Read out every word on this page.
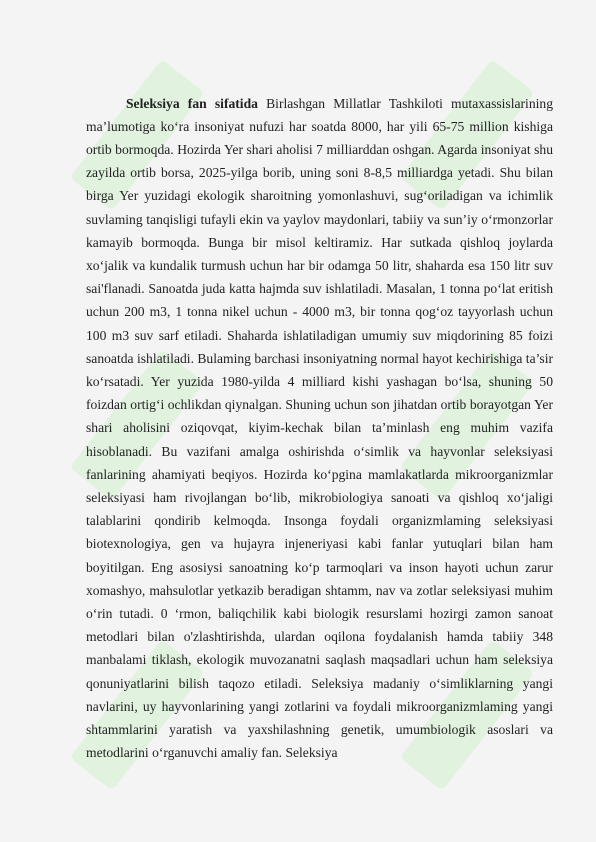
Seleksiya fan sifatida Birlashgan Millatlar Tashkiloti mutaxassislarining ma’lumotiga ko‘ra insoniyat nufuzi har soatda 8000, har yili 65-75 million kishiga ortib bormoqda. Hozirda Yer shari aholisi 7 milliarddan oshgan. Agarda insoniyat shu zayilda ortib borsa, 2025-yilga borib, uning soni 8-8,5 milliardga yetadi. Shu bilan birga Yer yuzidagi ekologik sharoitning yomonlashuvi, sug‘oriladigan va ichimlik suvlaming tanqisligi tufayli ekin va yaylov maydonlari, tabiiy va sun’iy o‘rmonzorlar kamayib bormoqda. Bunga bir misol keltiramiz. Har sutkada qishloq joylarda xo‘jalik va kundalik turmush uchun har bir odamga 50 litr, shaharda esa 150 litr suv sai'flanadi. Sanoatda juda katta hajmda suv ishlatiladi. Masalan, 1 tonna po‘lat eritish uchun 200 m3, 1 tonna nikel uchun - 4000 m3, bir tonna qog‘oz tayyorlash uchun 100 m3 suv sarf etiladi. Shaharda ishlatiladigan umumiy suv miqdorining 85 foizi sanoatda ishlatiladi. Bulaming barchasi insoniyatning normal hayot kechirishiga ta’sir ko‘rsatadi. Yer yuzida 1980-yilda 4 milliard kishi yashagan bo‘lsa, shuning 50 foizdan ortig‘i ochlikdan qiynalgan. Shuning uchun son jihatdan ortib borayotgan Yer shari aholisini oziqovqat, kiyim-kechak bilan ta’minlash eng muhim vazifa hisoblanadi. Bu vazifani amalga oshirishda o‘simlik va hayvonlar seleksiyasi fanlarining ahamiyati beqiyos. Hozirda ko‘pgina mamlakatlarda mikroorganizmlar seleksiyasi ham rivojlangan bo‘lib, mikrobiologiya sanoati va qishloq xo‘jaligi talablarini qondirib kelmoqda. Insonga foydali organizmlaming seleksiyasi biotexnologiya, gen va hujayra injeneriyasi kabi fanlar yutuqlari bilan ham boyitilgan. Eng asosiysi sanoatning ko‘p tarmoqlari va inson hayoti uchun zarur xomashyo, mahsulotlar yetkazib beradigan shtamm, nav va zotlar seleksiyasi muhim o‘rin tutadi. 0 ‘rmon, baliqchilik kabi biologik resurslami hozirgi zamon sanoat metodlari bilan o'zlashtirishda, ulardan oqilona foydalanish hamda tabiiy 348 manbalami tiklash, ekologik muvozanatni saqlash maqsadlari uchun ham seleksiya qonuniyatlarini bilish taqozo etiladi. Seleksiya madaniy o‘simliklarning yangi navlarini, uy hayvonlarining yangi zotlarini va foydali mikroorganizmlaming yangi shtammlarini yaratish va yaxshilashning genetik, umumbiologik asoslari va metodlarini o‘rganuvchi amaliy fan. Seleksiya
